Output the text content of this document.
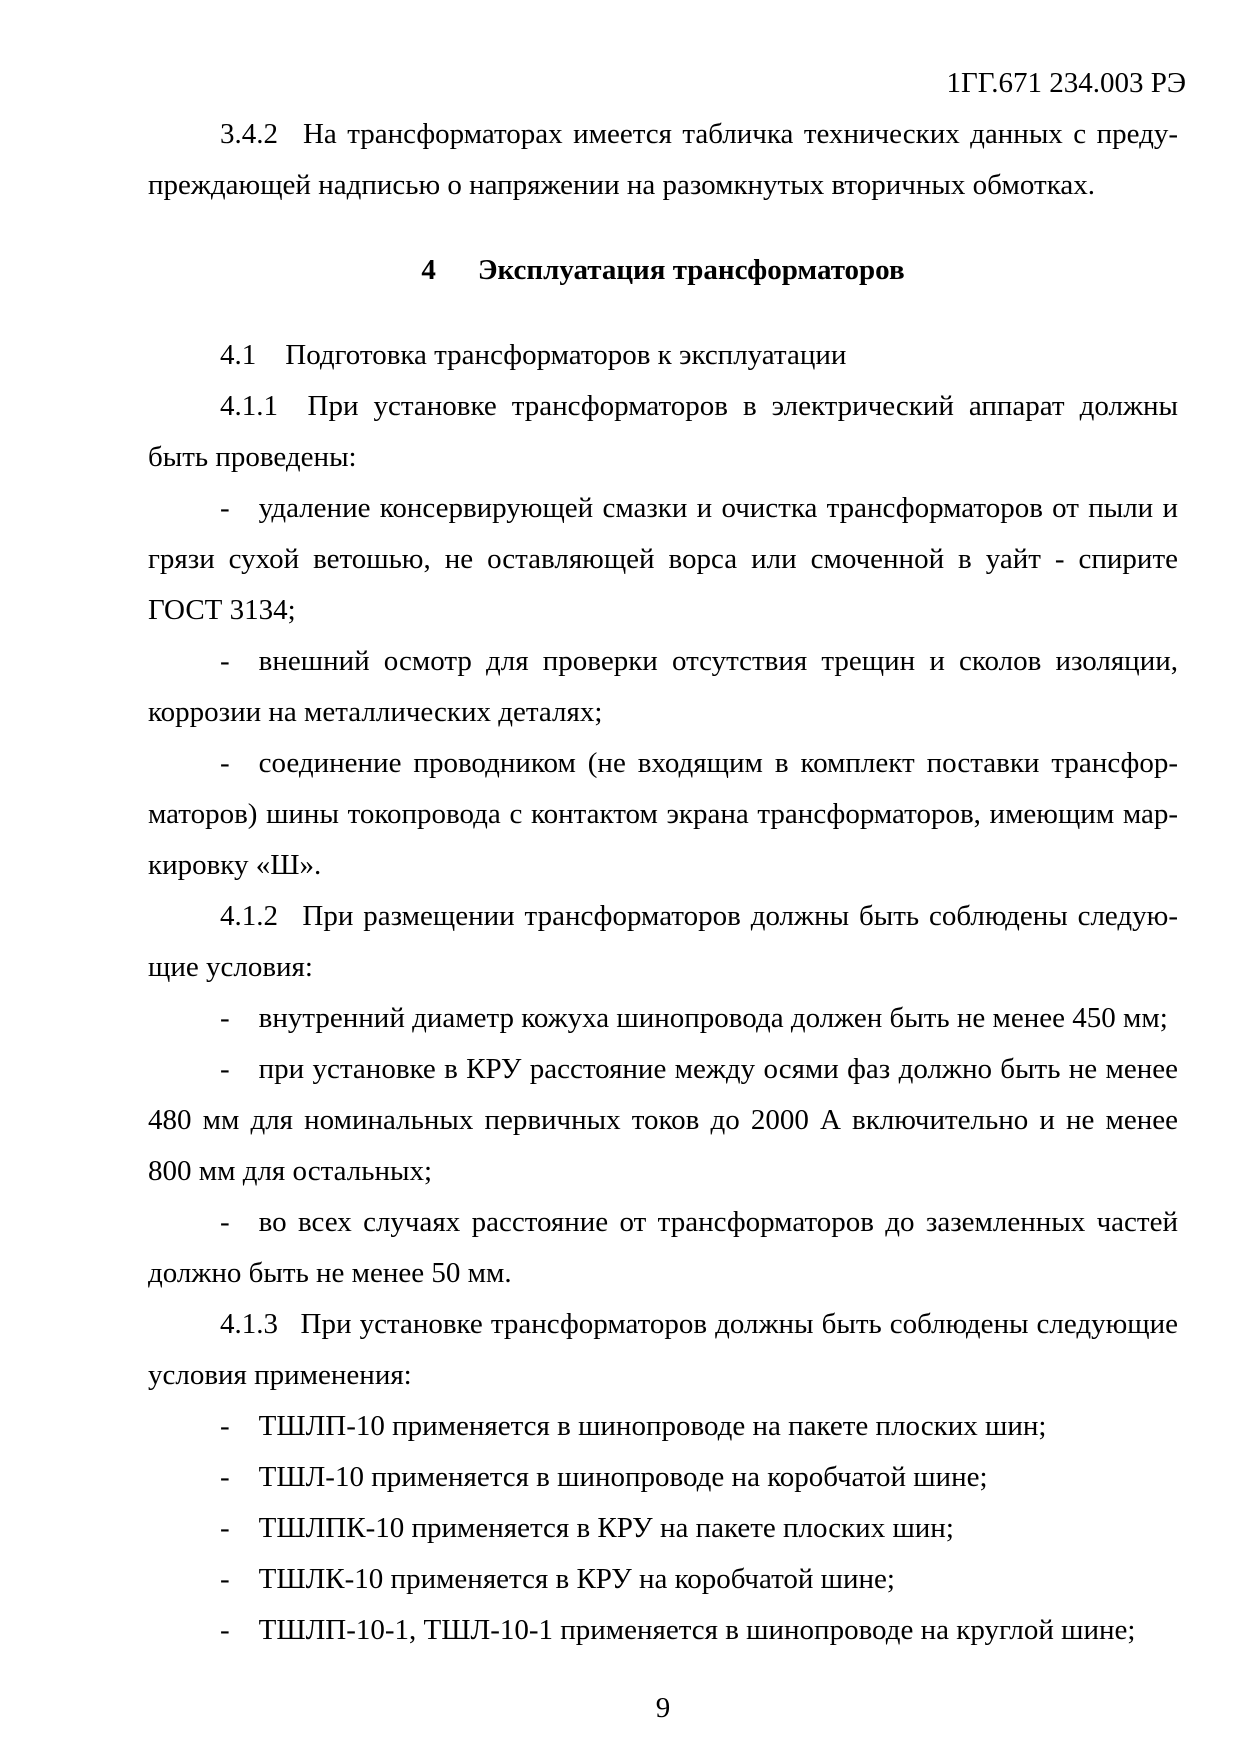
1ГГ.671 234.003 РЭ
3.4.2  На трансформаторах имеется табличка технических данных с преду-
преждающей надписью о напряжении на разомкнутых вторичных обмотках.
4 Эксплуатация трансформаторов
4.1 Подготовка трансформаторов к эксплуатации
4.1.1  При установке трансформаторов в электрический аппарат должны
быть проведены:
- удаление консервирующей смазки и очистка трансформаторов от пыли и
грязи сухой ветошью, не оставляющей ворса или смоченной в уайт - спирите
ГОСТ 3134;
- внешний осмотр для проверки отсутствия трещин и сколов изоляции,
коррозии на металлических деталях;
- соединение проводником (не входящим в комплект поставки трансфор-
маторов) шины токопровода с контактом экрана трансформаторов, имеющим мар-
кировку «Ш».
4.1.2  При размещении трансформаторов должны быть соблюдены следую-
щие условия:
- внутренний диаметр кожуха шинопровода должен быть не менее 450 мм;
- при установке в КРУ расстояние между осями фаз должно быть не менее
480 мм для номинальных первичных токов до 2000 А включительно и не менее
800 мм для остальных;
- во всех случаях расстояние от трансформаторов до заземленных частей
должно быть не менее 50 мм.
4.1.3  При установке трансформаторов должны быть соблюдены следующие
условия применения:
- ТШЛП-10 применяется в шинопроводе на пакете плоских шин;
- ТШЛ-10 применяется в шинопроводе на коробчатой шине;
- ТШЛПК-10 применяется в КРУ на пакете плоских шин;
- ТШЛК-10 применяется в КРУ на коробчатой шине;
- ТШЛП-10-1, ТШЛ-10-1 применяется в шинопроводе на круглой шине;
9
